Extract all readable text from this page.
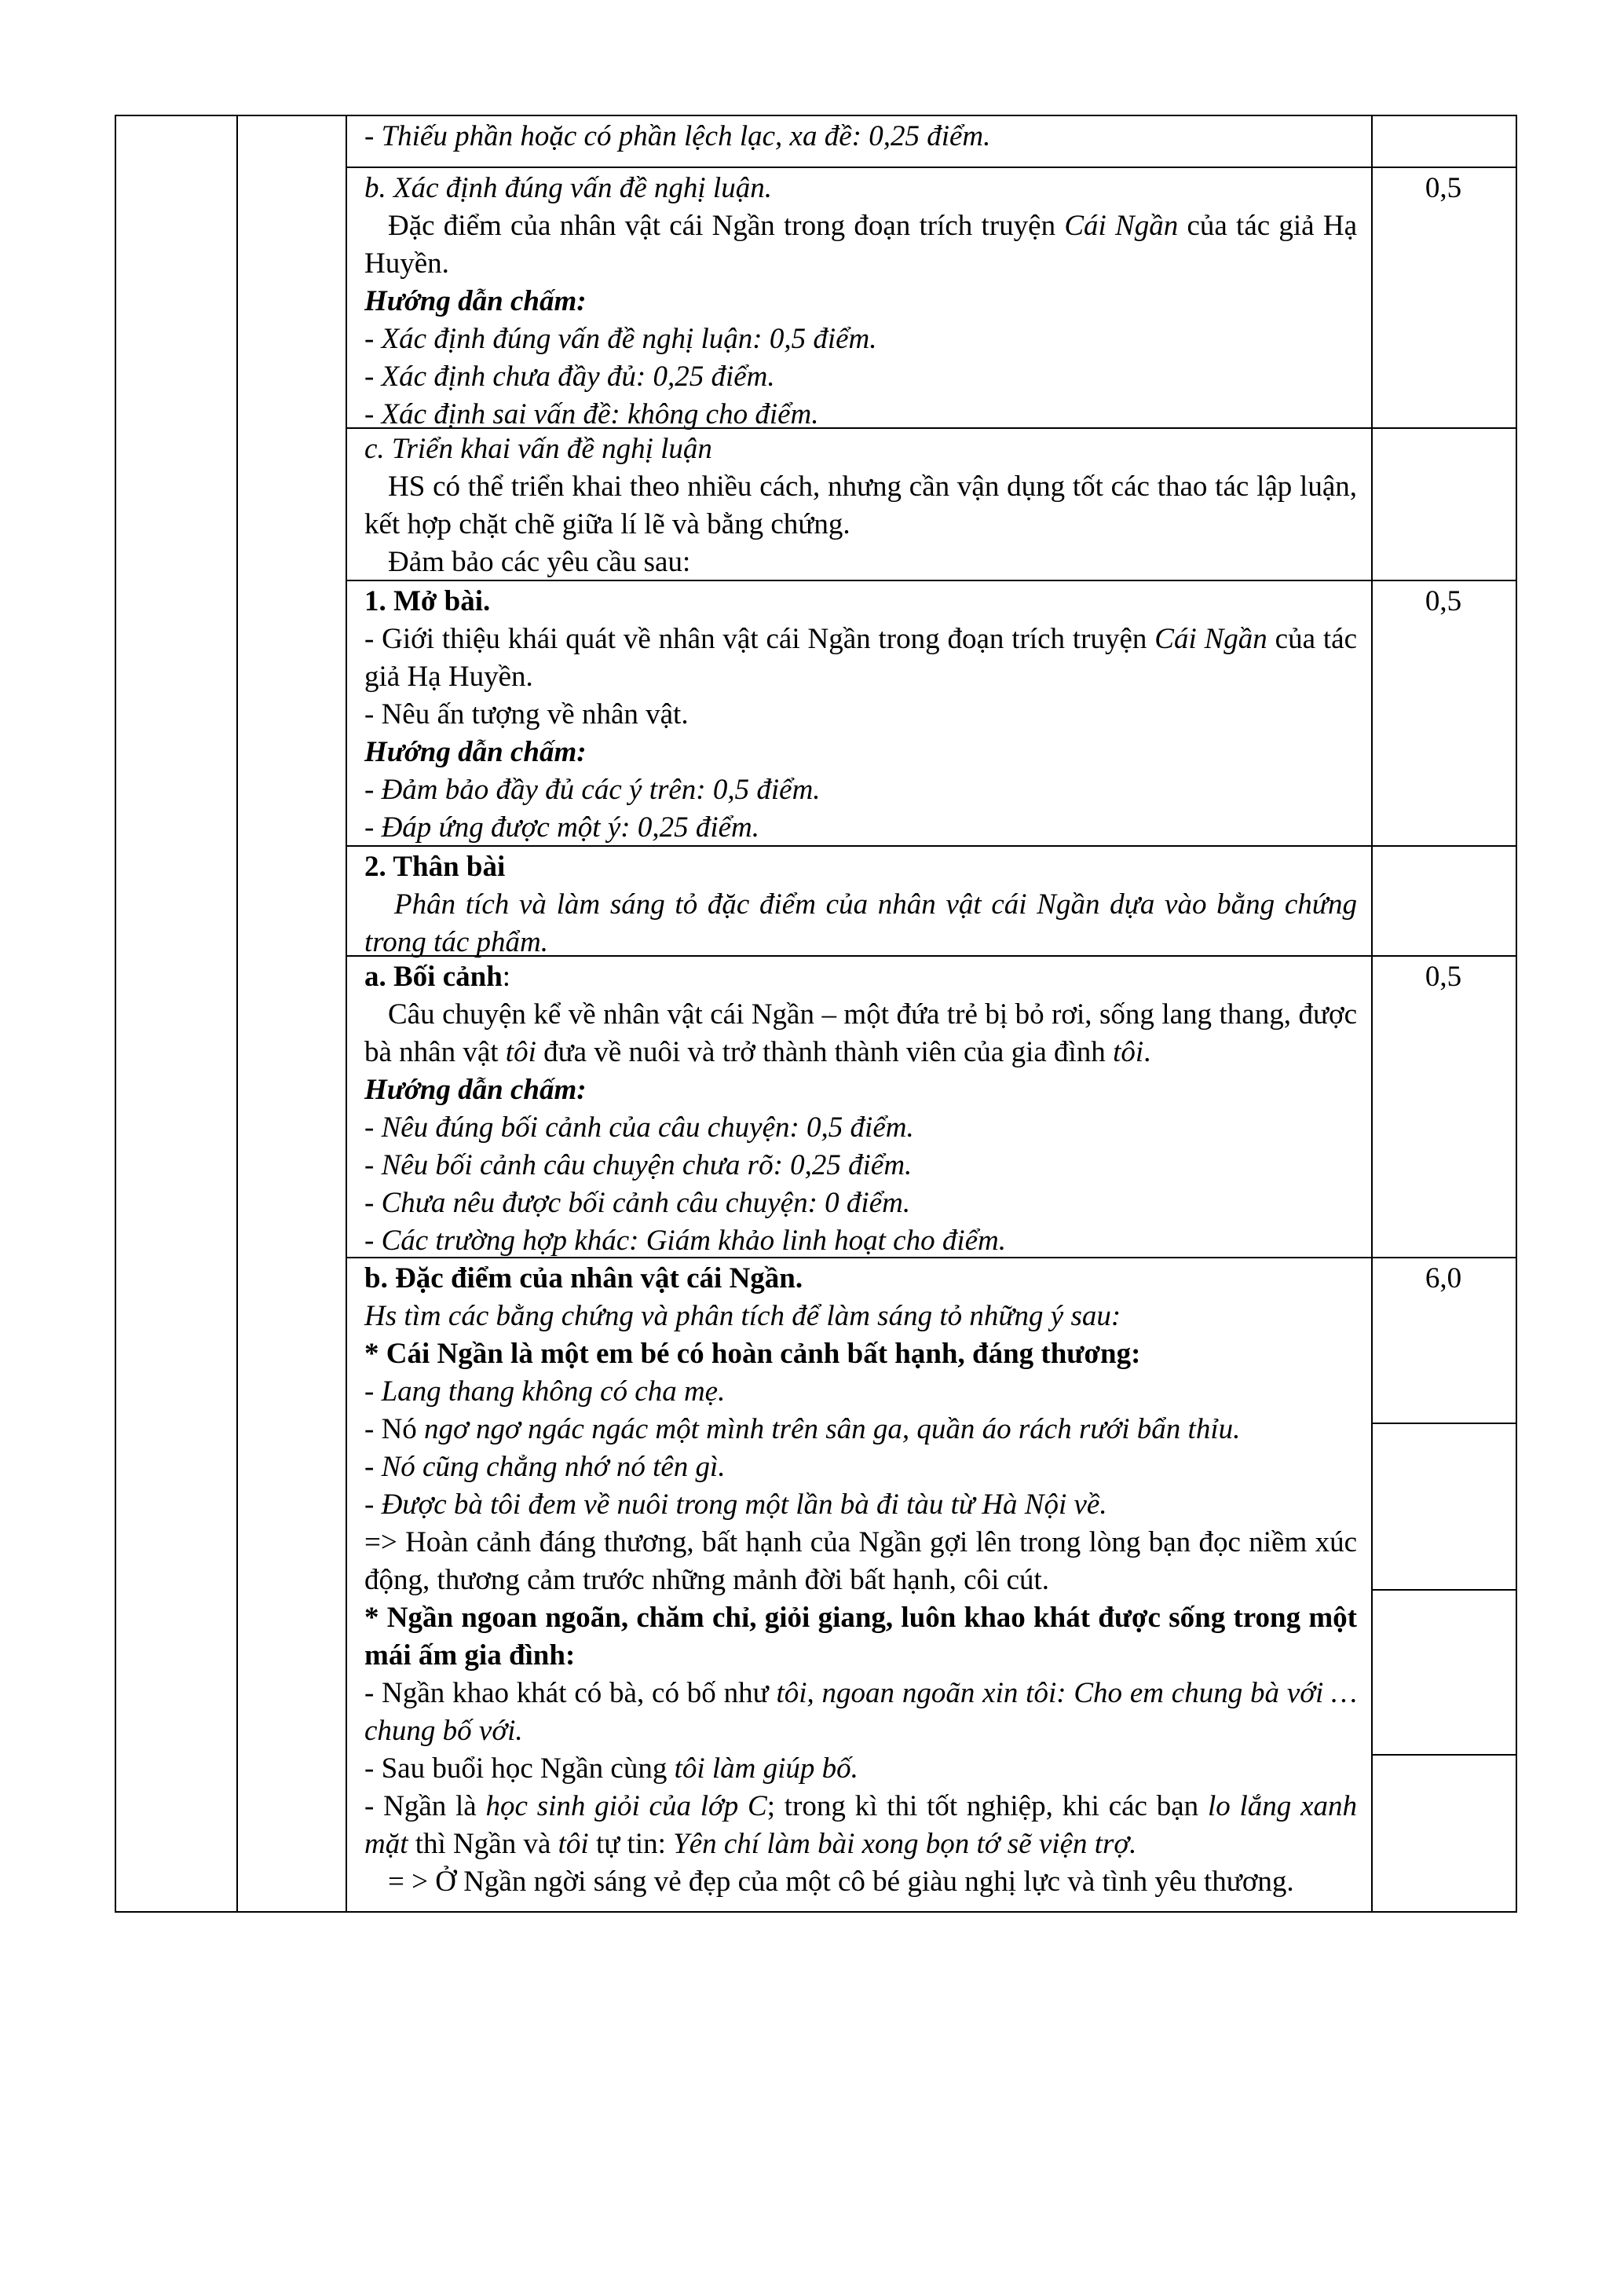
- Thiếu phần hoặc có phần lệch lạc, xa đề: 0,25 điểm.

b. Xác định đúng vấn đề nghị luận.

Đặc điểm của nhân vật cái Ngần trong đoạn trích truyện Cái Ngần của tác giả Hạ Huyền.

Hướng dẫn chấm:

- Xác định đúng vấn đề nghị luận: 0,5 điểm.

- Xác định chưa đầy đủ: 0,25 điểm.

- Xác định sai vấn đề: không cho điểm.

0,5

c. Triển khai vấn đề nghị luận

HS có thể triển khai theo nhiều cách, nhưng cần vận dụng tốt các thao tác lập luận, kết hợp chặt chẽ giữa lí lẽ và bằng chứng.

Đảm bảo các yêu cầu sau:

1. Mở bài.

- Giới thiệu khái quát về nhân vật cái Ngần trong đoạn trích truyện Cái Ngần của tác giả Hạ Huyền.

- Nêu ấn tượng về nhân vật.

Hướng dẫn chấm:

- Đảm bảo đầy đủ các ý trên: 0,5 điểm.

- Đáp ứng được một ý: 0,25 điểm.

0,5

2. Thân bài

Phân tích và làm sáng tỏ đặc điểm của nhân vật cái Ngần dựa vào bằng chứng trong tác phẩm.

a. Bối cảnh:

Câu chuyện kể về nhân vật cái Ngần – một đứa trẻ bị bỏ rơi, sống lang thang, được bà nhân vật tôi đưa về nuôi và trở thành thành viên của gia đình tôi.

Hướng dẫn chấm:

- Nêu đúng bối cảnh của câu chuyện: 0,5 điểm.

- Nêu bối cảnh câu chuyện chưa rõ: 0,25 điểm.

- Chưa nêu được bối cảnh câu chuyện: 0 điểm.

- Các trường hợp khác: Giám khảo linh hoạt cho điểm.

0,5

b. Đặc điểm của nhân vật cái Ngần.

Hs tìm các bằng chứng và phân tích để làm sáng tỏ những ý sau:

* Cái Ngần là một em bé có hoàn cảnh bất hạnh, đáng thương:

- Lang thang không có cha mẹ.

- Nó ngơ ngơ ngác ngác một mình trên sân ga, quần áo rách rưới bẩn thỉu.

- Nó cũng chẳng nhớ nó tên gì.

- Được bà tôi đem về nuôi trong một lần bà đi tàu từ Hà Nội về.

=> Hoàn cảnh đáng thương, bất hạnh của Ngần gợi lên trong lòng bạn đọc niềm xúc động, thương cảm trước những mảnh đời bất hạnh, côi cút.

* Ngần ngoan ngoãn, chăm chỉ, giỏi giang, luôn khao khát được sống trong một mái ấm gia đình:

- Ngần khao khát có bà, có bố như tôi, ngoan ngoãn xin tôi: Cho em chung bà với … chung bố với.

- Sau buổi học Ngần cùng tôi làm giúp bố.

- Ngần là học sinh giỏi của lớp C; trong kì thi tốt nghiệp, khi các bạn lo lắng xanh mặt thì Ngần và tôi tự tin: Yên chí làm bài xong bọn tớ sẽ viện trợ.

= > Ở Ngần ngời sáng vẻ đẹp của một cô bé giàu nghị lực và tình yêu thương.

6,0
